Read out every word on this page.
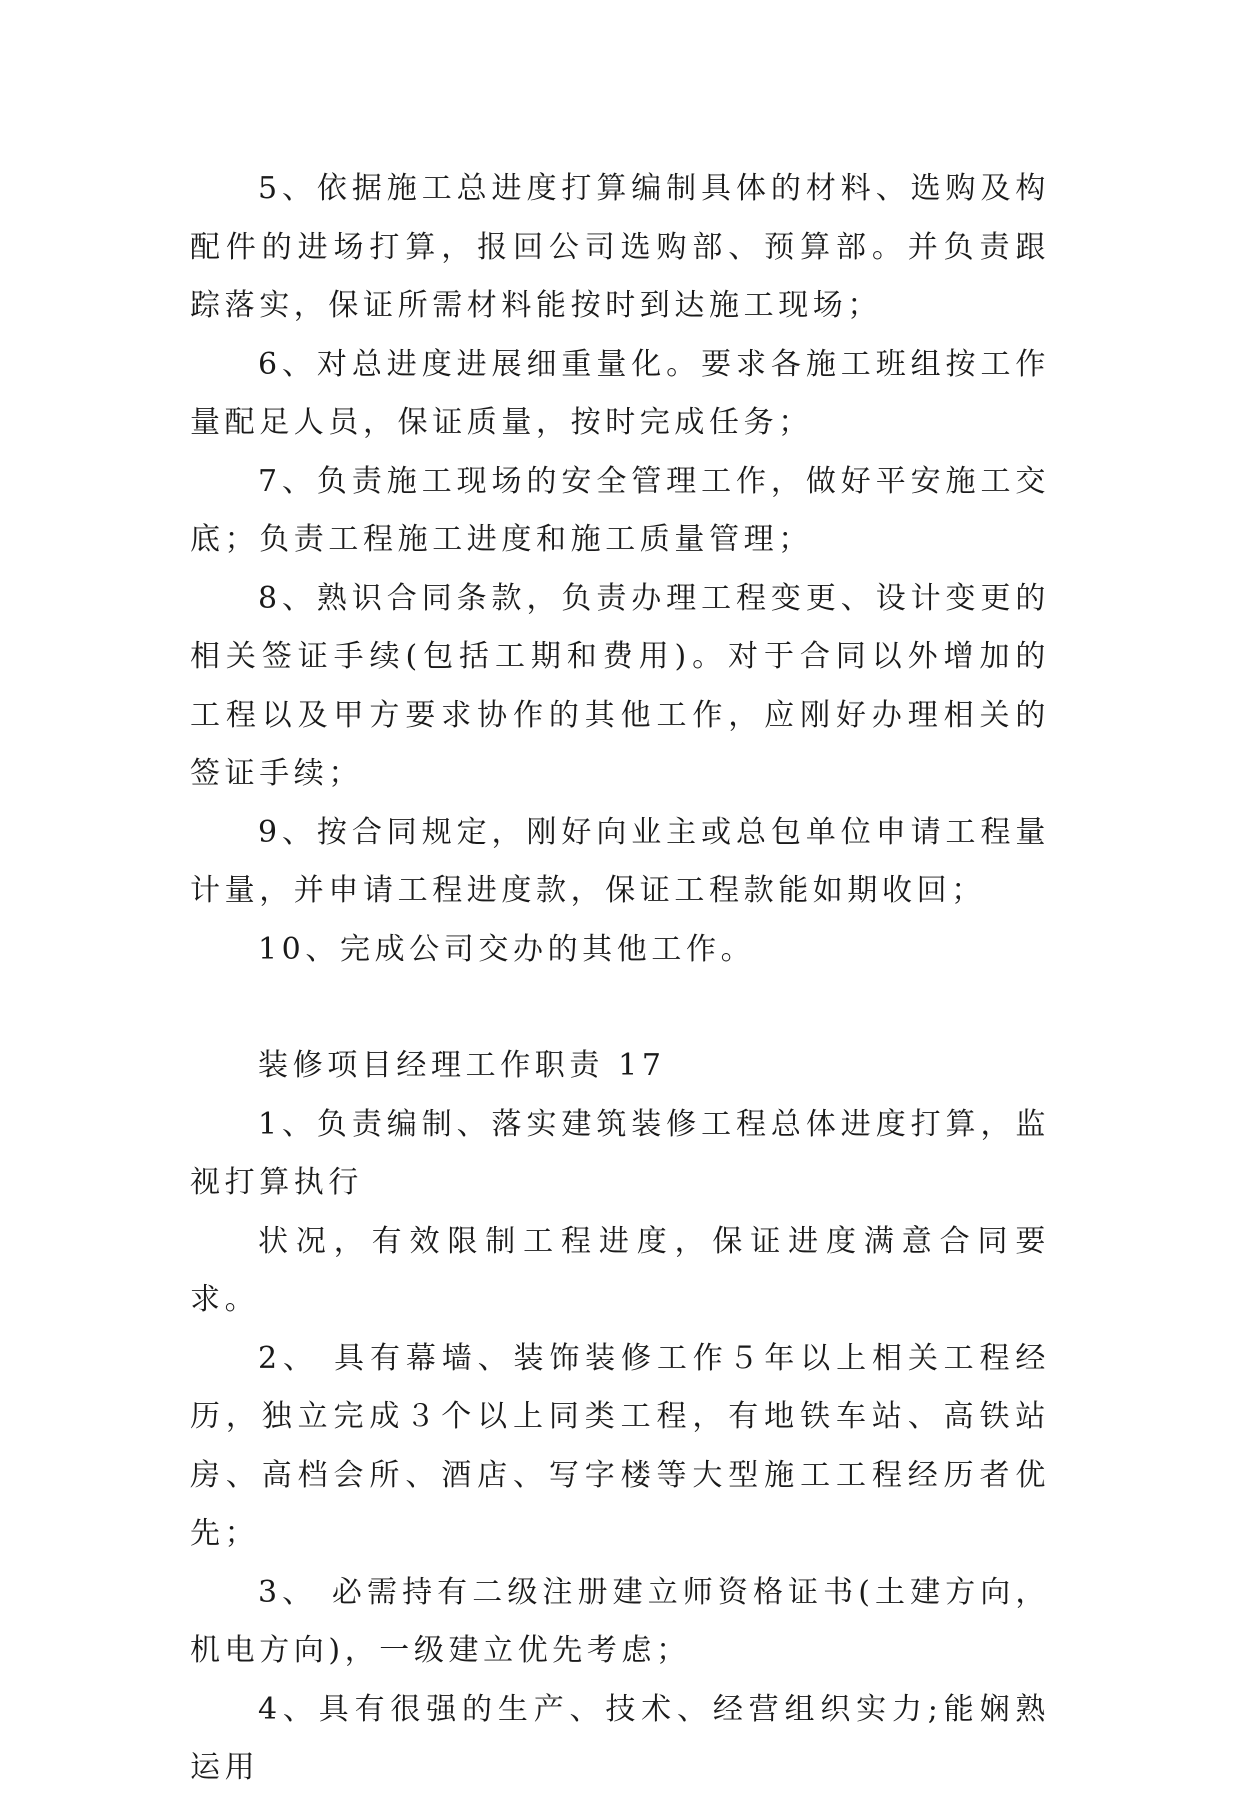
5、依据施工总进度打算编制具体的材料、选购及构配件的进场打算，报回公司选购部、预算部。并负责跟踪落实，保证所需材料能按时到达施工现场；

6、对总进度进展细重量化。要求各施工班组按工作量配足人员，保证质量，按时完成任务；

7、负责施工现场的安全管理工作，做好平安施工交底；负责工程施工进度和施工质量管理；

8、熟识合同条款，负责办理工程变更、设计变更的相关签证手续(包括工期和费用)。对于合同以外增加的工程以及甲方要求协作的其他工作，应刚好办理相关的签证手续；

9、按合同规定，刚好向业主或总包单位申请工程量计量，并申请工程进度款，保证工程款能如期收回；

10、完成公司交办的其他工作。

装修项目经理工作职责 17

1、负责编制、落实建筑装修工程总体进度打算，监视打算执行

状况，有效限制工程进度，保证进度满意合同要求。

2、 具有幕墙、装饰装修工作５年以上相关工程经历，独立完成３个以上同类工程，有地铁车站、高铁站房、高档会所、酒店、写字楼等大型施工工程经历者优先；

3、 必需持有二级注册建立师资格证书(土建方向，机电方向)，一级建立优先考虑；

4、具有很强的生产、技术、经营组织实力;能娴熟运用
